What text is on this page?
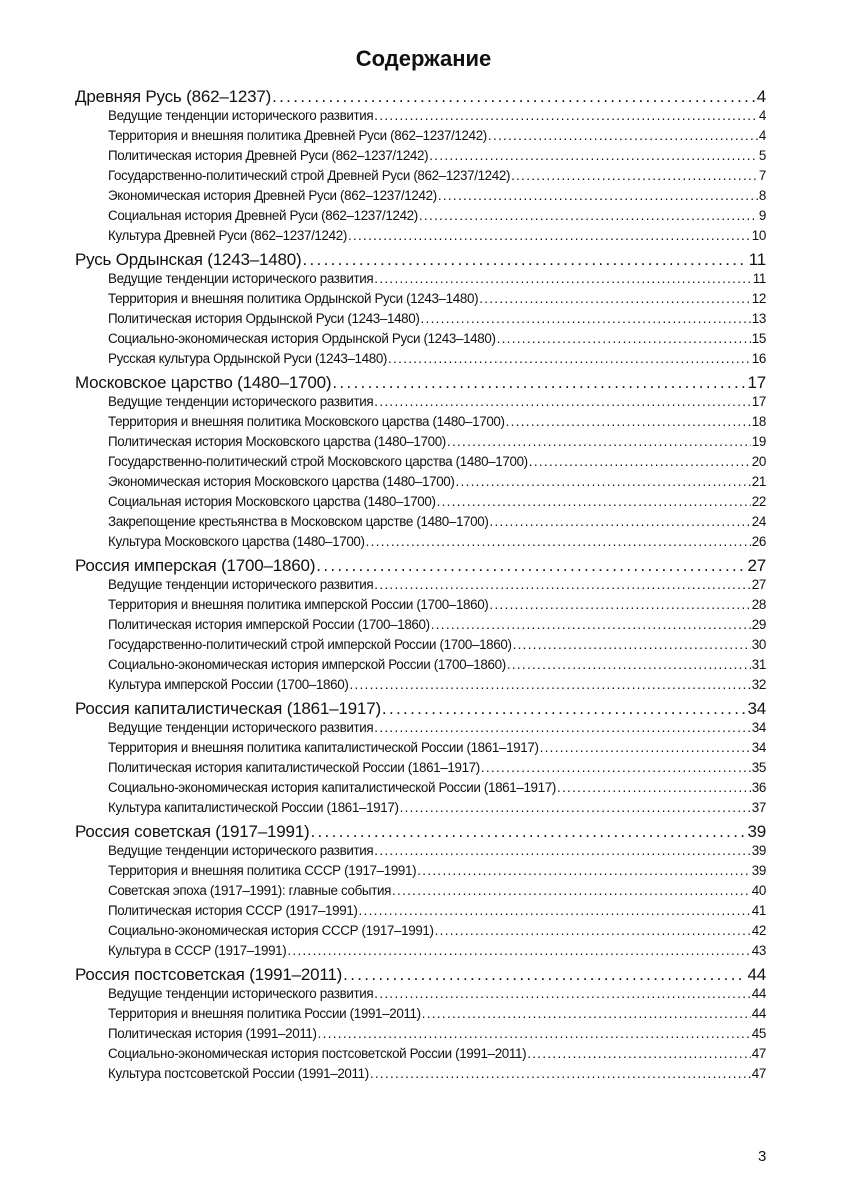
Содержание
Древняя Русь (862–1237) . . .	4
Ведущие тенденции исторического развития . . .	4
Территория и внешняя политика Древней Руси (862–1237/1242) . . .	4
Политическая история Древней Руси (862–1237/1242) . . .	5
Государственно-политический строй Древней Руси (862–1237/1242) . . .	7
Экономическая история Древней Руси (862–1237/1242) . . .	8
Социальная история Древней Руси (862–1237/1242) . . .	9
Культура Древней Руси (862–1237/1242) . . .	10
Русь Ордынская (1243–1480) . . .	11
Ведущие тенденции исторического развития . . .	11
Территория и внешняя политика Ордынской Руси (1243–1480) . . .	12
Политическая история Ордынской Руси (1243–1480) . . .	13
Социально-экономическая история Ордынской Руси (1243–1480) . . .	15
Русская культура Ордынской Руси (1243–1480) . . .	16
Московское царство (1480–1700) . . .	17
Ведущие тенденции исторического развития . . .	17
Территория и внешняя политика Московского царства (1480–1700) . . .	18
Политическая история Московского царства (1480–1700) . . .	19
Государственно-политический строй Московского царства (1480–1700) . . .	20
Экономическая история Московского царства (1480–1700) . . .	21
Социальная история Московского царства (1480–1700) . . .	22
Закрепощение крестьянства в Московском царстве (1480–1700) . . .	24
Культура Московского царства (1480–1700) . . .	26
Россия имперская (1700–1860) . . .	27
Ведущие тенденции исторического развития . . .	27
Территория и внешняя политика имперской России (1700–1860) . . .	28
Политическая история имперской России (1700–1860) . . .	29
Государственно-политический строй имперской России (1700–1860) . . .	30
Социально-экономическая история имперской России (1700–1860) . . .	31
Культура имперской России (1700–1860) . . .	32
Россия капиталистическая (1861–1917) . . .	34
Ведущие тенденции исторического развития . . .	34
Территория и внешняя политика капиталистической России (1861–1917) . . .	34
Политическая история капиталистической России (1861–1917) . . .	35
Социально-экономическая история капиталистической России (1861–1917) . . .	36
Культура капиталистической России (1861–1917) . . .	37
Россия советская (1917–1991) . . .	39
Ведущие тенденции исторического развития . . .	39
Территория и внешняя политика СССР (1917–1991) . . .	39
Советская эпоха (1917–1991): главные события . . .	40
Политическая история СССР (1917–1991) . . .	41
Социально-экономическая история СССР (1917–1991) . . .	42
Культура в СССР (1917–1991) . . .	43
Россия постсоветская (1991–2011) . . .	44
Ведущие тенденции исторического развития . . .	44
Территория и внешняя политика России (1991–2011) . . .	44
Политическая история (1991–2011) . . .	45
Социально-экономическая история постсоветской России (1991–2011) . . .	47
Культура постсоветской России (1991–2011) . . .	47
3
